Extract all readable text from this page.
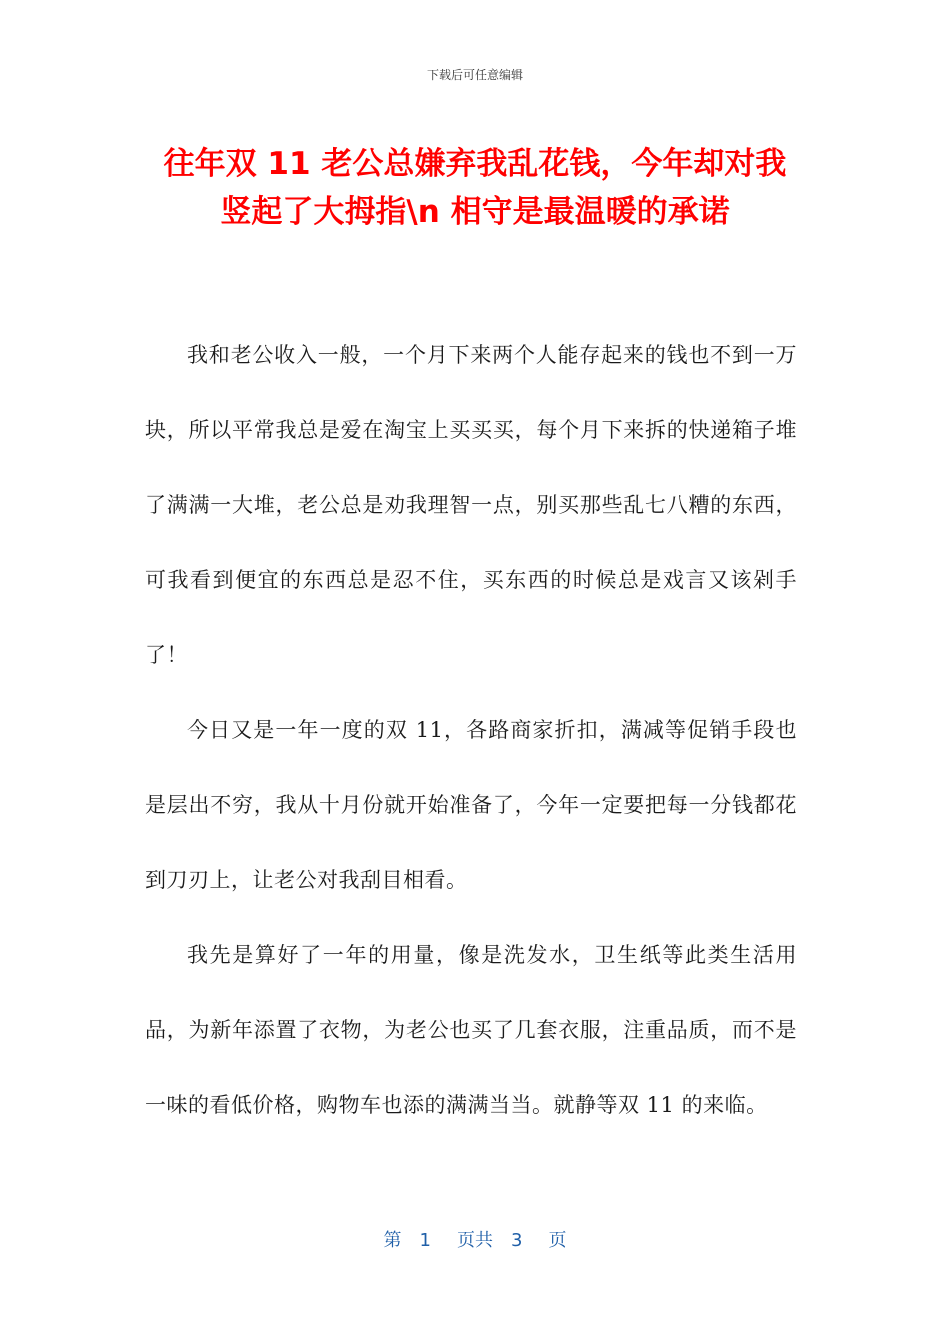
下载后可任意编辑
往年双 11 老公总嫌弃我乱花钱，今年却对我
竖起了大拇指\n 相守是最温暖的承诺

我和老公收入一般，一个月下来两个人能存起来的钱也不到一万块，所以平常我总是爱在淘宝上买买买，每个月下来拆的快递箱子堆了满满一大堆，老公总是劝我理智一点，别买那些乱七八糟的东西，可我看到便宜的东西总是忍不住，买东西的时候总是戏言又该剁手了！

今日又是一年一度的双 11，各路商家折扣，满减等促销手段也是层出不穷，我从十月份就开始准备了，今年一定要把每一分钱都花到刀刃上，让老公对我刮目相看。

我先是算好了一年的用量，像是洗发水，卫生纸等此类生活用品，为新年添置了衣物，为老公也买了几套衣服，注重品质，而不是一味的看低价格，购物车也添的满满当当。就静等双 11 的来临。

第 1 页共 3 页
